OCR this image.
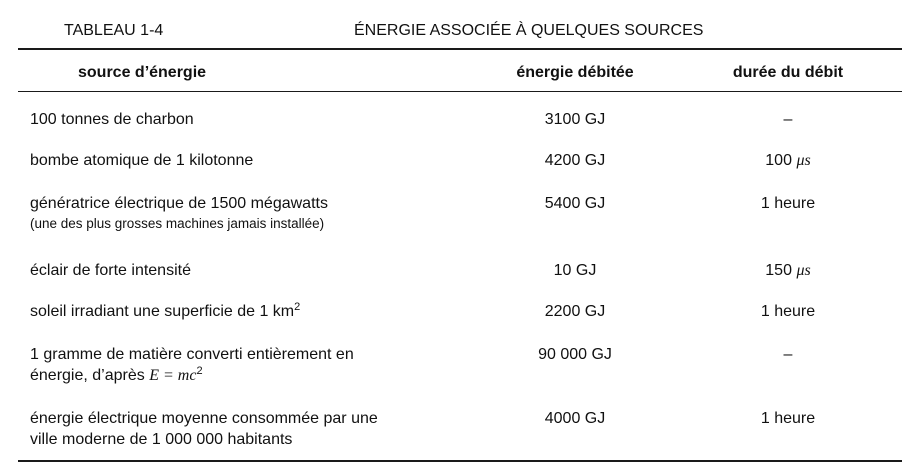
TABLEAU 1-4	ÉNERGIE ASSOCIÉE À QUELQUES SOURCES
source d’énergie	énergie débitée	durée du débit
100 tonnes de charbon	3100 GJ	–
bombe atomique de 1 kilotonne	4200 GJ	100 μs
génératrice électrique de 1500 mégawatts
(une des plus grosses machines jamais installée)
5400 GJ	1 heure
éclair de forte intensité	10 GJ	150 μs
soleil irradiant une superficie de 1 $km^2$	2200 GJ	1 heure
1 gramme de matière converti entièrement en
énergie, d’après $E = mc^2$
90 000 GJ	–
énergie électrique moyenne consommée par une
ville moderne de 1 000 000 habitants
4000 GJ	1 heure
